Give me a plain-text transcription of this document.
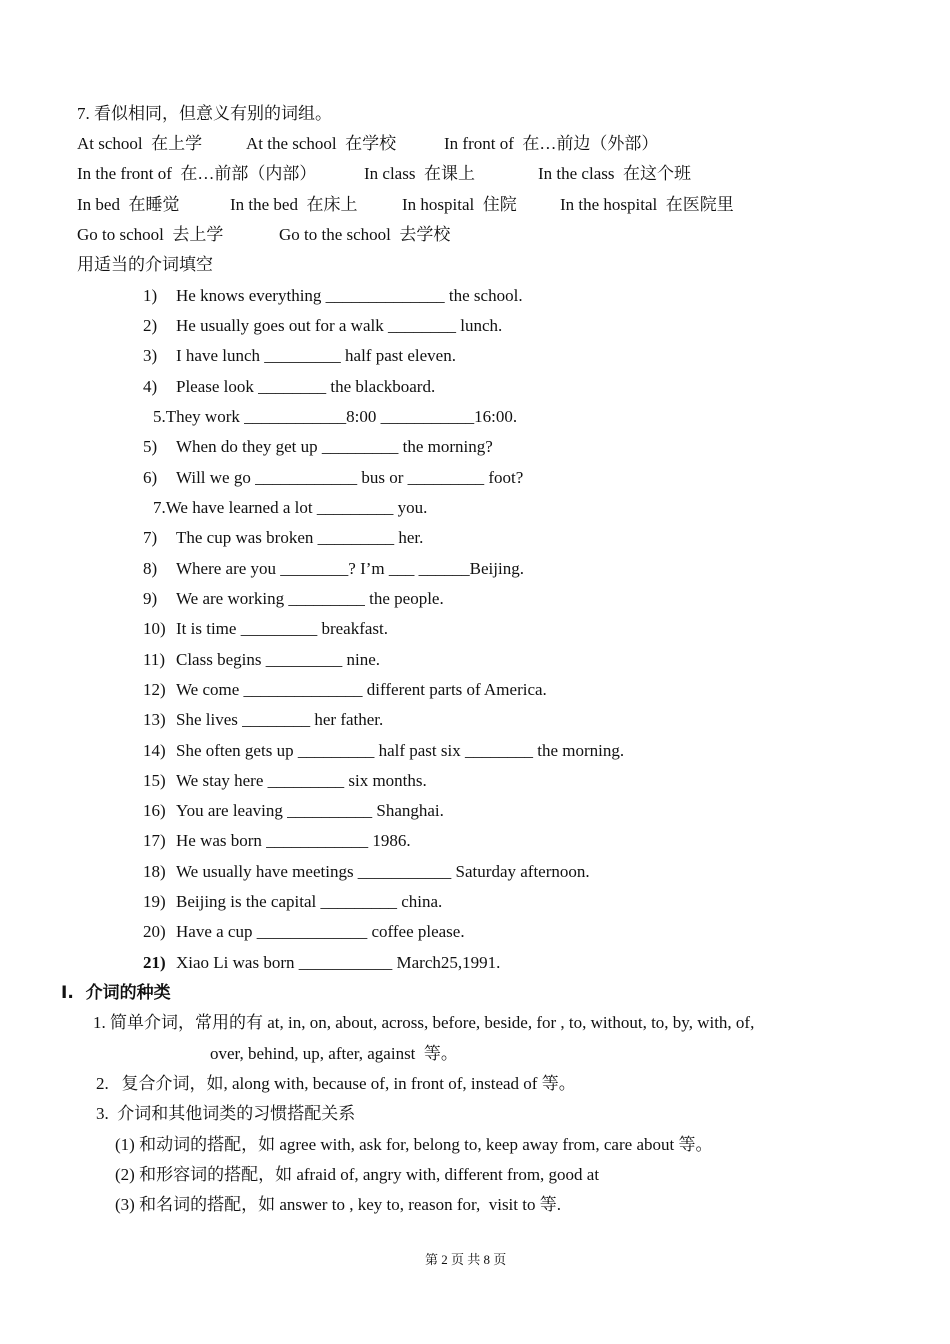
7. 看似相同，但意义有别的词组。
At school  在上学	At the school  在学校	In front of  在…前边（外部）
In the front of  在…前部（内部）	In class  在课上	In the class  在这个班
In bed  在睡觉	In the bed  在床上	In hospital  住院	In the hospital  在医院里
Go to school  去上学	Go to the school  去学校
用适当的介词填空
1) He knows everything ______________ the school.
2) He usually goes out for a walk ________ lunch.
3) I have lunch _________ half past eleven.
4) Please look ________ the blackboard.
5.They work ____________8:00 ___________16:00.
5) When do they get up _________ the morning?
6) Will we go ____________ bus or _________ foot?
7.We have learned a lot _________ you.
7) The cup was broken _________ her.
8) Where are you ________? I’m ___ ______Beijing.
9) We are working _________ the people.
10) It is time _________ breakfast.
11) Class begins _________ nine.
12) We come ______________ different parts of America.
13) She lives ________ her father.
14) She often gets up _________ half past six ________ the morning.
15) We stay here _________ six months.
16) You are leaving __________ Shanghai.
17) He was born ____________ 1986.
18) We usually have meetings ___________ Saturday afternoon.
19) Beijing is the capital _________ china.
20) Have a cup _____________ coffee please.
21) Xiao Li was born ___________ March25,1991.
I.  介词的种类
1. 简单介词，常用的有 at, in, on, about, across, before, beside, for , to, without, to, by, with, of,
over, behind, up, after, against  等。
2.   复合介词，如, along with, because of, in front of, instead of 等。
3.  介词和其他词类的习惯搭配关系
(1) 和动词的搭配，如 agree with, ask for, belong to, keep away from, care about 等。
(2) 和形容词的搭配，如 afraid of, angry with, different from, good at
(3) 和名词的搭配，如 answer to , key to, reason for,  visit to 等.
第 2 页 共 8 页
